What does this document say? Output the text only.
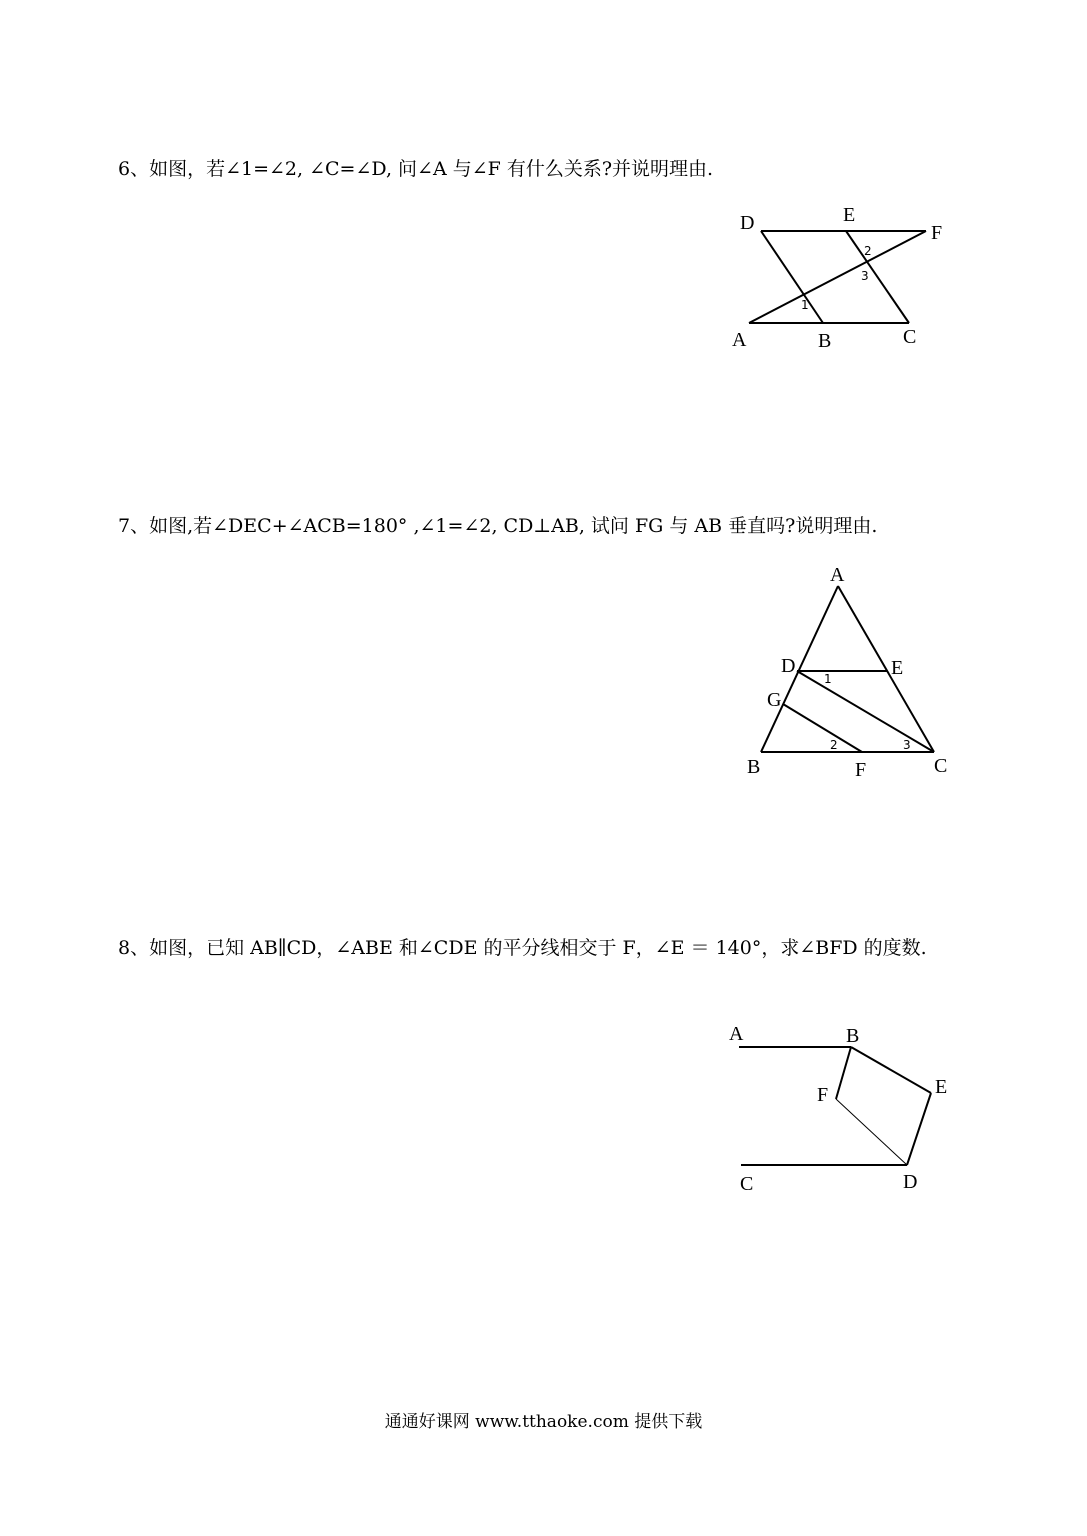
6、如图，若∠1=∠2, ∠C=∠D, 问∠A 与∠F 有什么关系?并说明理由.

7、如图,若∠DEC+∠ACB=180° ,∠1=∠2, CD⊥AB, 试问 FG 与 AB 垂直吗?说明理由.

8、如图，已知 AB∥CD，∠ABE 和∠CDE 的平分线相交于 F，∠E ＝ 140°，求∠BFD 的度数.

D	E
F
A	B	C
1
2
3
A
D	E
G
B	F	C
1
2	3
A	B
E
F
C	D
通通好课网 www.tthaoke.com 提供下载
